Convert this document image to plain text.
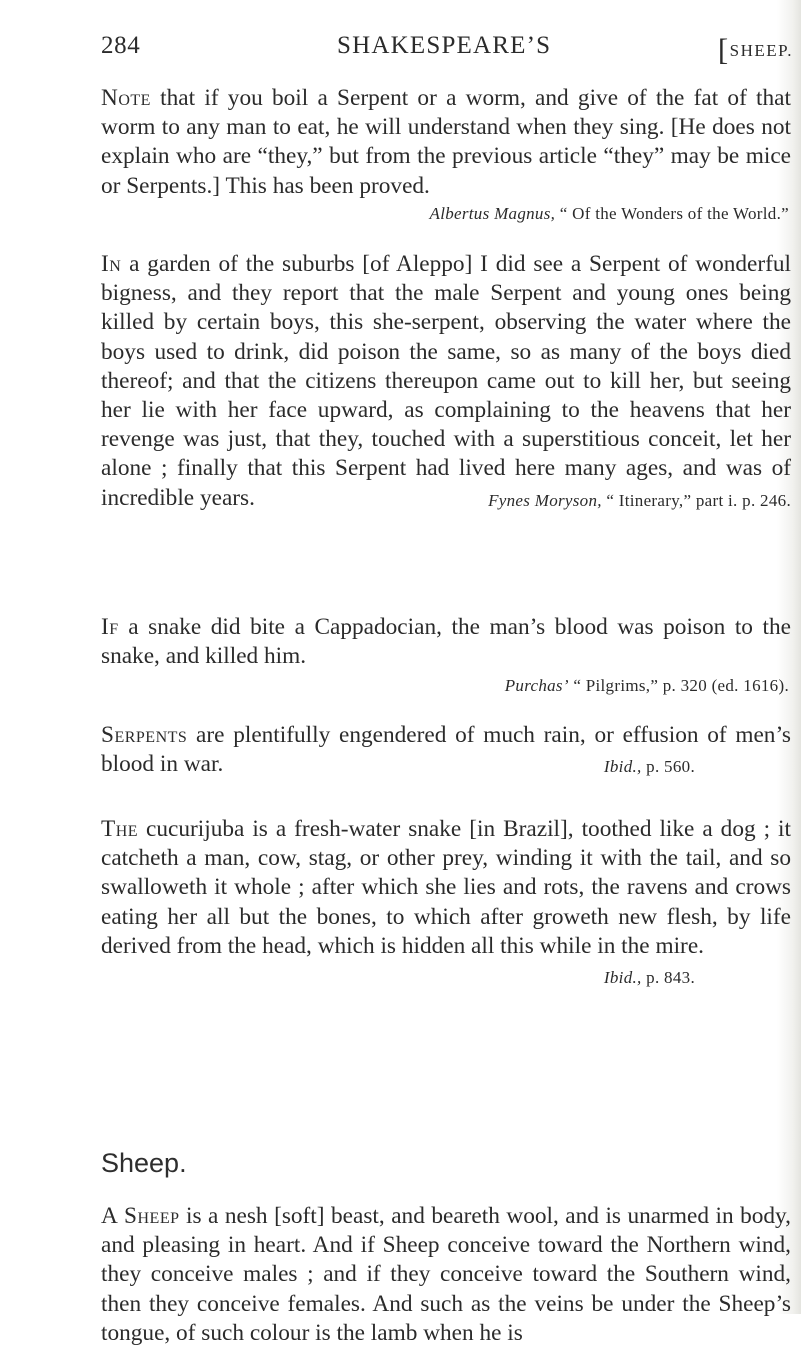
284	SHAKESPEARE’S	[SHEEP.

Note that if you boil a Serpent or a worm, and give of the fat of that worm to any man to eat, he will understand when they sing. [He does not explain who are “they,” but from the previous article “they” may be mice or Serpents.] This has been proved.

Albertus Magnus, “ Of the Wonders of the World.”

In a garden of the suburbs [of Aleppo] I did see a Serpent of wonderful bigness, and they report that the male Serpent and young ones being killed by certain boys, this she-serpent, observing the water where the boys used to drink, did poison the same, so as many of the boys died thereof; and that the citizens thereupon came out to kill her, but seeing her lie with her face upward, as complaining to the heavens that her revenge was just, that they, touched with a superstitious conceit, let her alone ; finally that this Serpent had lived here many ages, and was of incredible years.	Fynes Moryson, “ Itinerary,” part i. p. 246.

If a snake did bite a Cappadocian, the man’s blood was poison to the snake, and killed him.

Purchas’ “ Pilgrims,” p. 320 (ed. 1616).

Serpents are plentifully engendered of much rain, or effusion of men’s blood in war.	Ibid., p. 560.

The cucurijuba is a fresh-water snake [in Brazil], toothed like a dog ; it catcheth a man, cow, stag, or other prey, winding it with the tail, and so swalloweth it whole ; after which she lies and rots, the ravens and crows eating her all but the bones, to which after groweth new flesh, by life derived from the head, which is hidden all this while in the mire.
Ibid., p. 843.

Sheep.

A Sheep is a nesh [soft] beast, and beareth wool, and is unarmed in body, and pleasing in heart. And if Sheep conceive toward the Northern wind, they conceive males ; and if they conceive toward the Southern wind, then they conceive females. And such as the veins be under the Sheep’s tongue, of such colour is the lamb when he is
